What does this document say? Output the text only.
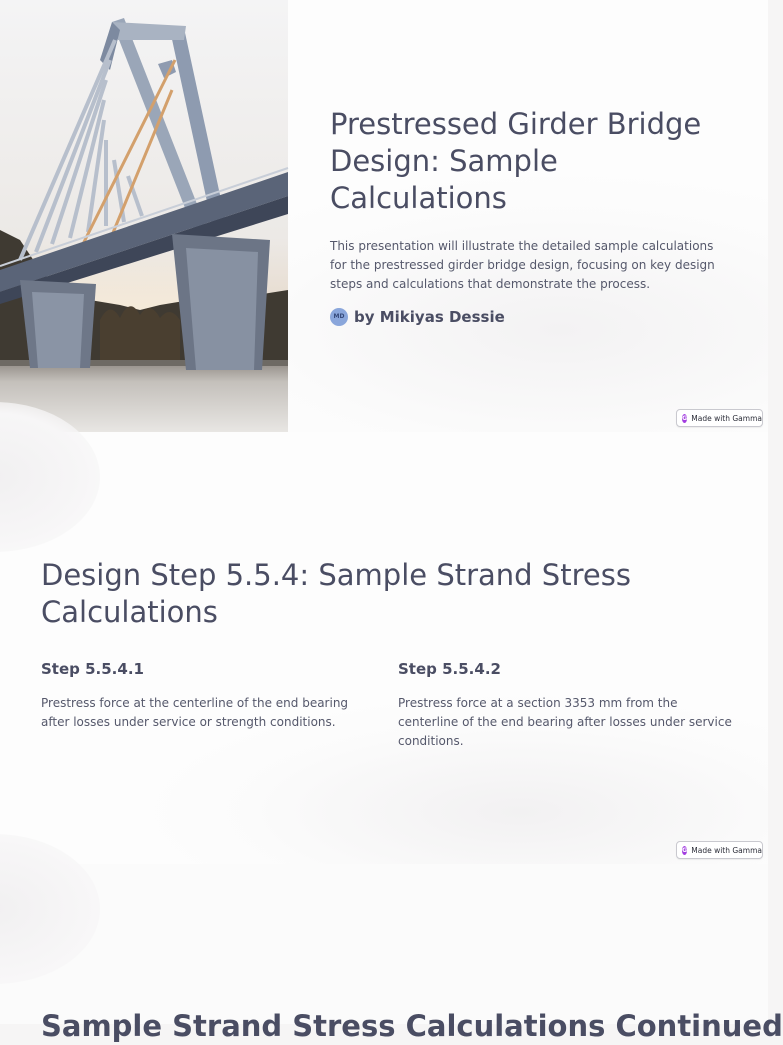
Prestressed Girder Bridge Design: Sample Calculations

This presentation will illustrate the detailed sample calculations for the prestressed girder bridge design, focusing on key design steps and calculations that demonstrate the process.

MD by Mikiyas Dessie
G Made with Gamma
Design Step 5.5.4: Sample Strand Stress Calculations
Step 5.5.4.1

Prestress force at the centerline of the end bearing after losses under service or strength conditions.

Step 5.5.4.2

Prestress force at a section 3353 mm from the centerline of the end bearing after losses under service conditions.

G Made with Gamma
Sample Strand Stress Calculations Continued
